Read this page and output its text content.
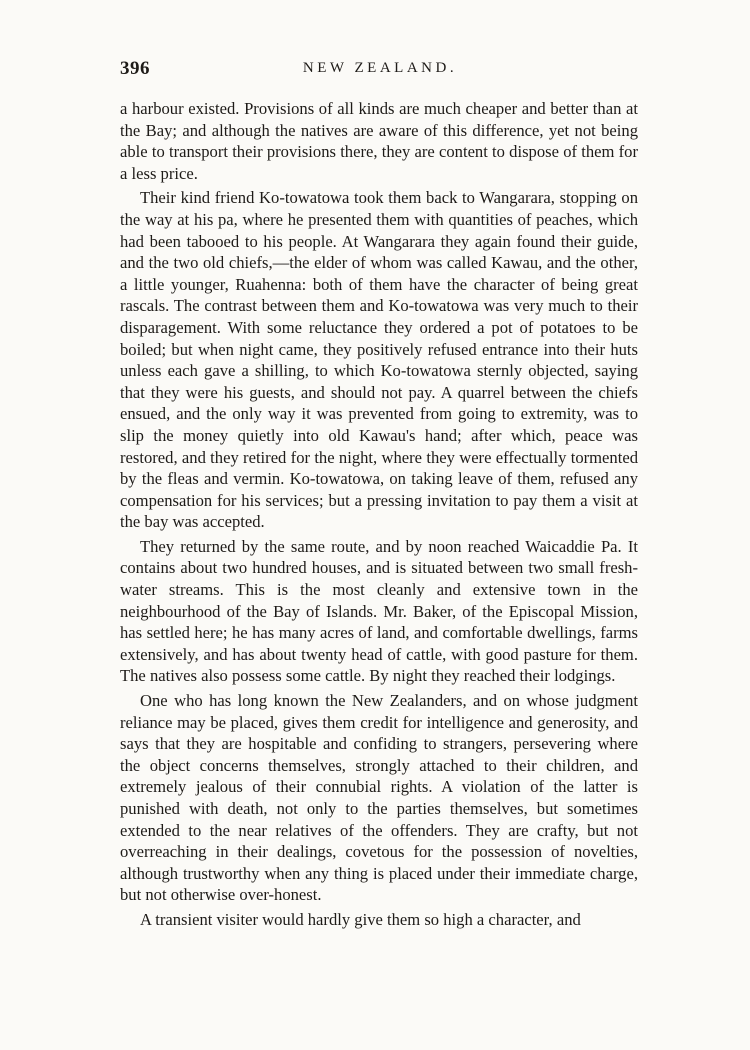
396	NEW ZEALAND.

a harbour existed. Provisions of all kinds are much cheaper and better than at the Bay; and although the natives are aware of this difference, yet not being able to transport their provisions there, they are content to dispose of them for a less price.

Their kind friend Ko-towatowa took them back to Wangarara, stopping on the way at his pa, where he presented them with quantities of peaches, which had been tabooed to his people. At Wangarara they again found their guide, and the two old chiefs,—the elder of whom was called Kawau, and the other, a little younger, Ruahenna: both of them have the character of being great rascals. The contrast between them and Ko-towatowa was very much to their disparagement. With some reluctance they ordered a pot of potatoes to be boiled; but when night came, they positively refused entrance into their huts unless each gave a shilling, to which Ko-towatowa sternly objected, saying that they were his guests, and should not pay. A quarrel between the chiefs ensued, and the only way it was prevented from going to extremity, was to slip the money quietly into old Kawau's hand; after which, peace was restored, and they retired for the night, where they were effectually tormented by the fleas and vermin. Ko-towatowa, on taking leave of them, refused any compensation for his services; but a pressing invitation to pay them a visit at the bay was accepted.

They returned by the same route, and by noon reached Waicaddie Pa. It contains about two hundred houses, and is situated between two small fresh-water streams. This is the most cleanly and extensive town in the neighbourhood of the Bay of Islands. Mr. Baker, of the Episcopal Mission, has settled here; he has many acres of land, and comfortable dwellings, farms extensively, and has about twenty head of cattle, with good pasture for them. The natives also possess some cattle. By night they reached their lodgings.

One who has long known the New Zealanders, and on whose judgment reliance may be placed, gives them credit for intelligence and generosity, and says that they are hospitable and confiding to strangers, persevering where the object concerns themselves, strongly attached to their children, and extremely jealous of their connubial rights. A violation of the latter is punished with death, not only to the parties themselves, but sometimes extended to the near relatives of the offenders. They are crafty, but not overreaching in their dealings, covetous for the possession of novelties, although trustworthy when any thing is placed under their immediate charge, but not otherwise over-honest.

A transient visiter would hardly give them so high a character, and
